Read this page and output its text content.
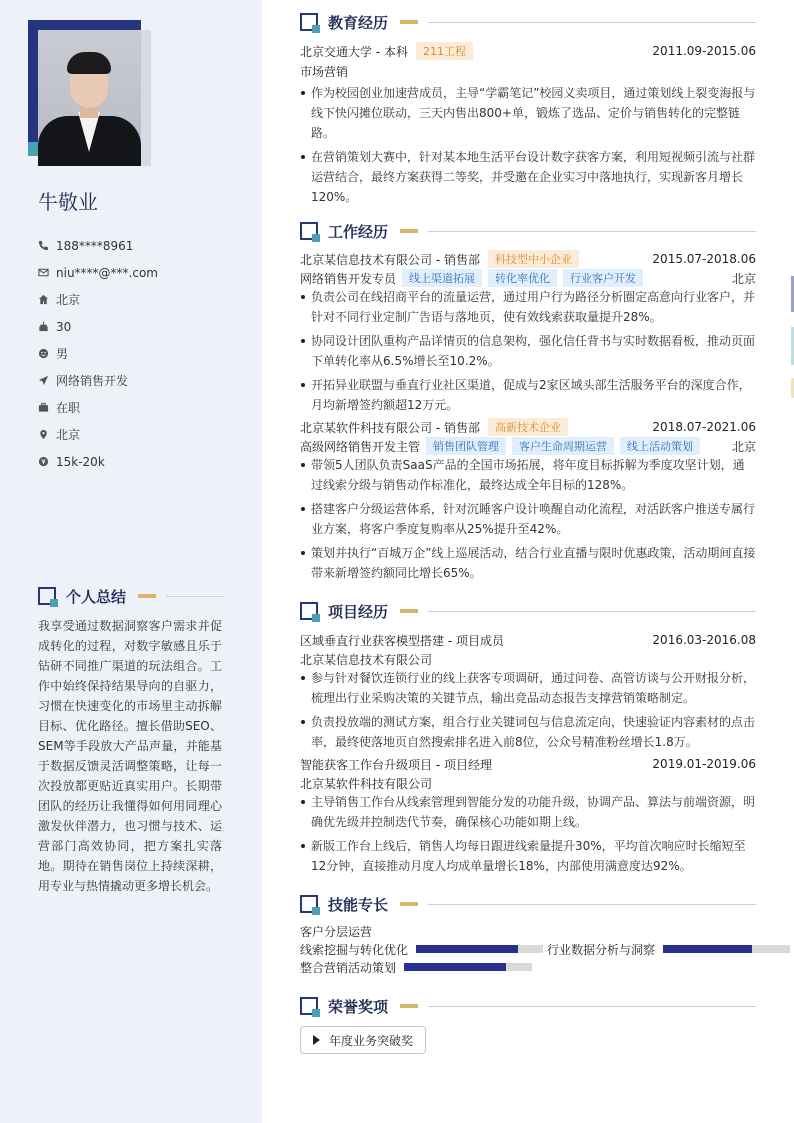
牛敬业
188****8961
niu****@***.com
北京
30
男
网络销售开发
在职
北京
15k-20k
个人总结
我享受通过数据洞察客户需求并促成转化的过程，对数字敏感且乐于钻研不同推广渠道的玩法组合。工作中始终保持结果导向的自驱力，习惯在快速变化的市场里主动拆解目标、优化路径。擅长借助SEO、SEM等手段放大产品声量，并能基于数据反馈灵活调整策略，让每一次投放都更贴近真实用户。长期带团队的经历让我懂得如何用同理心激发伙伴潜力，也习惯与技术、运营部门高效协同，把方案扎实落地。期待在销售岗位上持续深耕，用专业与热情撬动更多增长机会。
教育经历
北京交通大学 - 本科	211工程	2011.09-2015.06
市场营销
作为校园创业加速营成员，主导“学霸笔记”校园义卖项目，通过策划线上裂变海报与线下快闪摊位联动，三天内售出800+单，锻炼了选品、定价与销售转化的完整链路。
在营销策划大赛中，针对某本地生活平台设计数字获客方案，利用短视频引流与社群运营结合，最终方案获得二等奖，并受邀在企业实习中落地执行，实现新客月增长120%。
工作经历
北京某信息技术有限公司 - 销售部	科技型中小企业	2015.07-2018.06
网络销售开发专员	线上渠道拓展	转化率优化	行业客户开发	北京
负责公司在线招商平台的流量运营，通过用户行为路径分析圈定高意向行业客户，并针对不同行业定制广告语与落地页，使有效线索获取量提升28%。
协同设计团队重构产品详情页的信息架构，强化信任背书与实时数据看板，推动页面下单转化率从6.5%增长至10.2%。
开拓异业联盟与垂直行业社区渠道，促成与2家区域头部生活服务平台的深度合作，月均新增签约额超12万元。
北京某软件科技有限公司 - 销售部	高新技术企业	2018.07-2021.06
高级网络销售开发主管	销售团队管理	客户生命周期运营	线上活动策划	北京
带领5人团队负责SaaS产品的全国市场拓展，将年度目标拆解为季度攻坚计划，通过线索分级与销售动作标准化，最终达成全年目标的128%。
搭建客户分级运营体系，针对沉睡客户设计唤醒自动化流程，对活跃客户推送专属行业方案，将客户季度复购率从25%提升至42%。
策划并执行“百城万企”线上巡展活动，结合行业直播与限时优惠政策，活动期间直接带来新增签约额同比增长65%。
项目经历
区域垂直行业获客模型搭建 - 项目成员	2016.03-2016.08
北京某信息技术有限公司
参与针对餐饮连锁行业的线上获客专项调研，通过问卷、高管访谈与公开财报分析，梳理出行业采购决策的关键节点，输出竞品动态报告支撑营销策略制定。
负责投放端的测试方案，组合行业关键词包与信息流定向，快速验证内容素材的点击率，最终使落地页自然搜索排名进入前8位，公众号精准粉丝增长1.8万。
智能获客工作台升级项目 - 项目经理	2019.01-2019.06
北京某软件科技有限公司
主导销售工作台从线索管理到智能分发的功能升级，协调产品、算法与前端资源，明确优先级并控制迭代节奏，确保核心功能如期上线。
新版工作台上线后，销售人均每日跟进线索量提升30%，平均首次响应时长缩短至12分钟，直接推动月度人均成单量增长18%，内部使用满意度达92%。
技能专长
客户分层运营
线索挖掘与转化优化	行业数据分析与洞察
整合营销活动策划
荣誉奖项
年度业务突破奖
